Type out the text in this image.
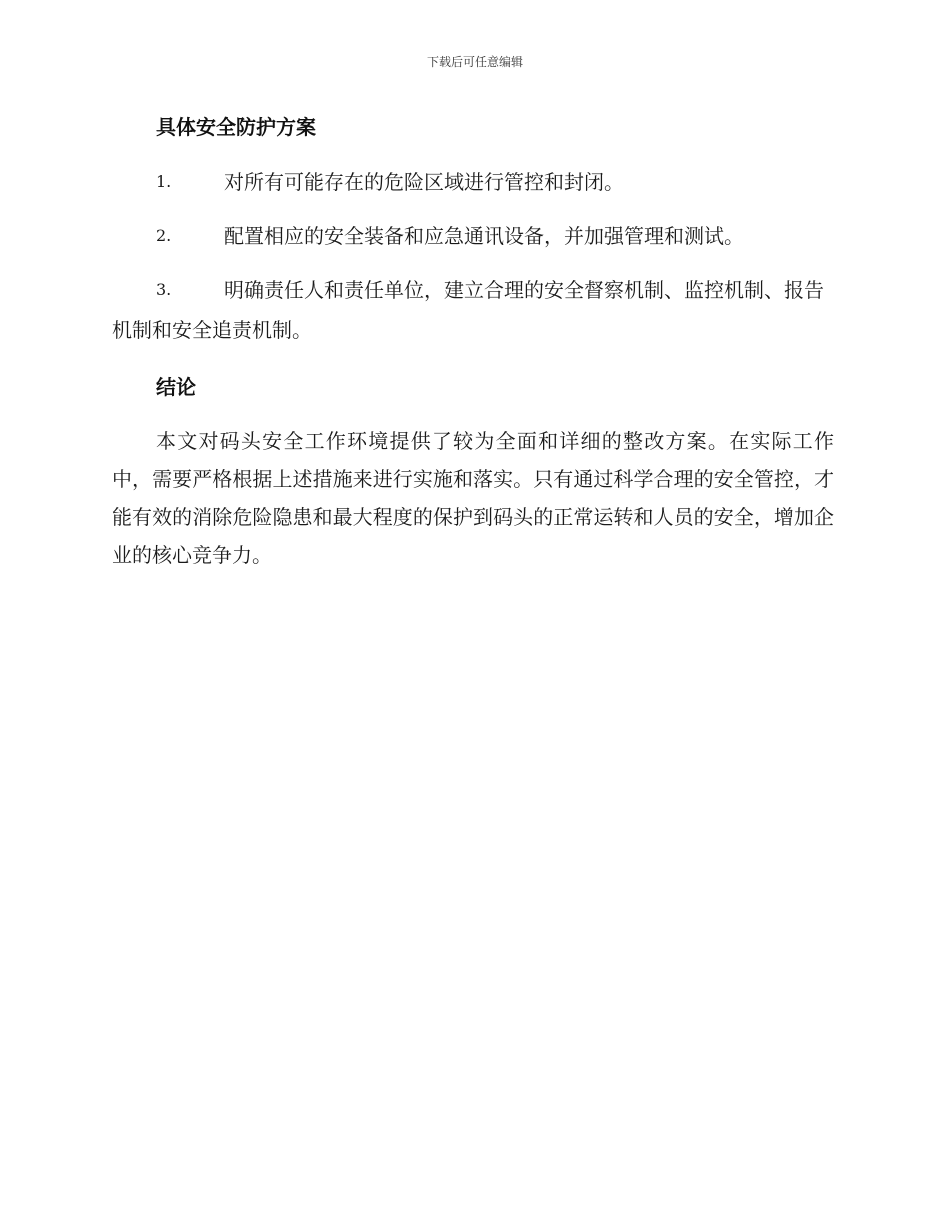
下载后可任意编辑
具体安全防护方案

1.	对所有可能存在的危险区域进行管控和封闭。

2.	配置相应的安全装备和应急通讯设备，并加强管理和测试。

3.	明确责任人和责任单位，建立合理的安全督察机制、监控机制、报告机制和安全追责机制。

结论

本文对码头安全工作环境提供了较为全面和详细的整改方案。在实际工作中，需要严格根据上述措施来进行实施和落实。只有通过科学合理的安全管控，才能有效的消除危险隐患和最大程度的保护到码头的正常运转和人员的安全，增加企业的核心竞争力。
